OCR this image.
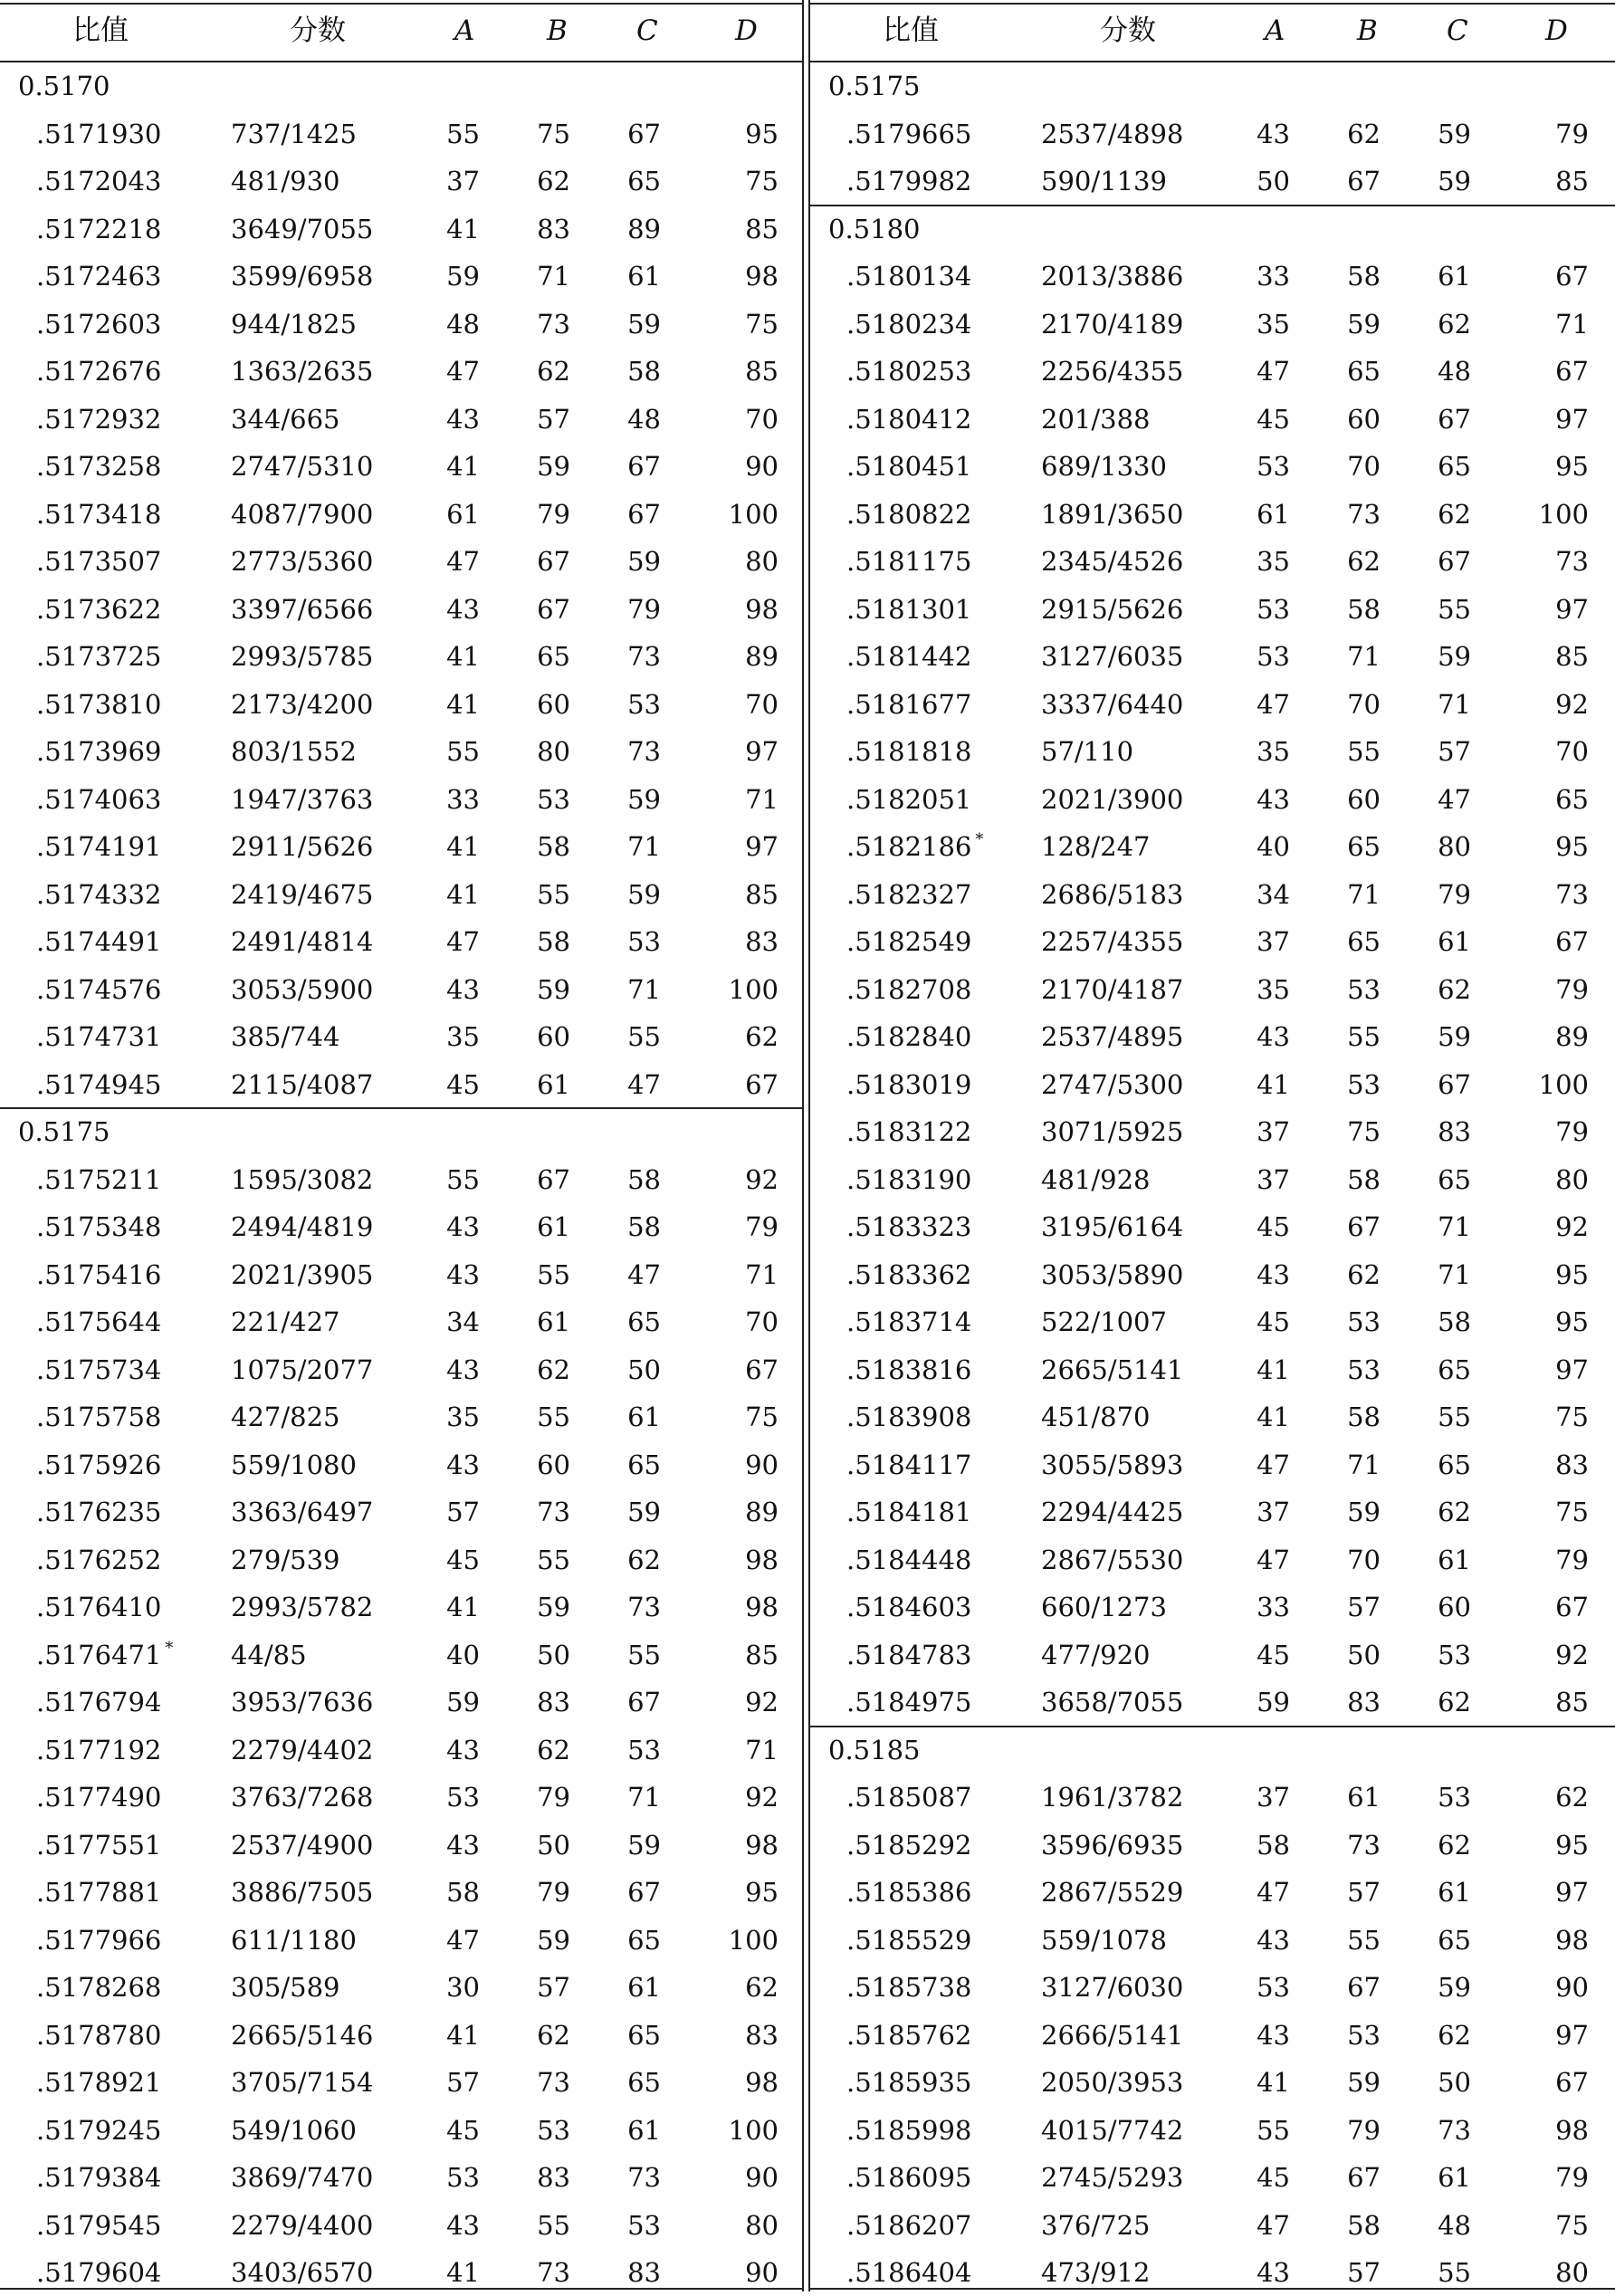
比值	分数	A	B C	D
0.5170
.5171930	737/1425	55	75	67	95
.5172043	481/930	37	62	65	75
.5172218	3649/7055	41	83	89	85
.5172463	3599/6958	59	71	61	98
.5172603	944/1825	48	73	59	75
.5172676	1363/2635	47	62	58	85
.5172932	344/665	43	57	48	70
.5173258	2747/5310	41	59	67	90
.5173418	4087/7900	61	79	67	100
.5173507	2773/5360	47	67	59	80
.5173622	3397/6566	43	67	79	98
.5173725	2993/5785	41	65	73	89
.5173810	2173/4200	41	60	53	70
.5173969	803/1552	55	80	73	97
.5174063	1947/3763	33	53	59	71
.5174191	2911/5626	41	58	71	97
.5174332	2419/4675	41	55	59	85
.5174491	2491/4814	47	58	53	83
.5174576	3053/5900	43	59	71	100
.5174731	385/744	35	60	55	62
.5174945	2115/4087	45	61	47	67
0.5175
.5175211	1595/3082	55	67	58	92
.5175348	2494/4819	43	61	58	79
.5175416	2021/3905	43	55	47	71
.5175644	221/427	34	61	65	70
.5175734	1075/2077	43	62	50	67
.5175758	427/825	35	55	61	75
.5175926	559/1080	43	60	65	90
.5176235	3363/6497	57	73	59	89
.5176252	279/539	45	55	62	98
.5176410	2993/5782	41	59	73	98
.5176471 * 44/85	40	50	55	85
.5176794	3953/7636	59	83	67	92
.5177192	2279/4402	43	62	53	71
.5177490	3763/7268	53	79	71	92
.5177551	2537/4900	43	50	59	98
.5177881	3886/7505	58	79	67	95
.5177966	611/1180	47	59	65	100
.5178268	305/589	30	57	61	62
.5178780	2665/5146	41	62	65	83
.5178921	3705/7154	57	73	65	98
.5179245	549/1060	45	53	61	100
.5179384	3869/7470	53	83	73	90
.5179545	2279/4400	43	55	53	80
.5179604	3403/6570	41	73	83	90
比值	分数	A	B C	D
0.5175
.5179665	2537/4898	43	62	59	79
.5179982	590/1139	50	67	59	85
0.5180
.5180134	2013/3886	33	58	61	67
.5180234	2170/4189	35	59	62	71
.5180253	2256/4355	47	65	48	67
.5180412	201/388	45	60	67	97
.5180451	689/1330	53	70	65	95
.5180822	1891/3650	61	73	62	100
.5181175	2345/4526	35	62	67	73
.5181301	2915/5626	53	58	55	97
.5181442	3127/6035	53	71	59	85
.5181677	3337/6440	47	70	71	92
.5181818	57/110	35	55	57	70
.5182051	2021/3900	43	60	47	65
.5182186 * 128/247	40	65	80	95
.5182327	2686/5183	34	71	79	73
.5182549	2257/4355	37	65	61	67
.5182708	2170/4187	35	53	62	79
.5182840	2537/4895	43	55	59	89
.5183019	2747/5300	41	53	67	100
.5183122	3071/5925	37	75	83	79
.5183190	481/928	37	58	65	80
.5183323	3195/6164	45	67	71	92
.5183362	3053/5890	43	62	71	95
.5183714	522/1007	45	53	58	95
.5183816	2665/5141	41	53	65	97
.5183908	451/870	41	58	55	75
.5184117	3055/5893	47	71	65	83
.5184181	2294/4425	37	59	62	75
.5184448	2867/5530	47	70	61	79
.5184603	660/1273	33	57	60	67
.5184783	477/920	45	50	53	92
.5184975	3658/7055	59	83	62	85
0.5185
.5185087	1961/3782	37	61	53	62
.5185292	3596/6935	58	73	62	95
.5185386	2867/5529	47	57	61	97
.5185529	559/1078	43	55	65	98
.5185738	3127/6030	53	67	59	90
.5185762	2666/5141	43	53	62	97
.5185935	2050/3953	41	59	50	67
.5185998	4015/7742	55	79	73	98
.5186095	2745/5293	45	67	61	79
.5186207	376/725	47	58	48	75
.5186404	473/912	43	57	55	80
